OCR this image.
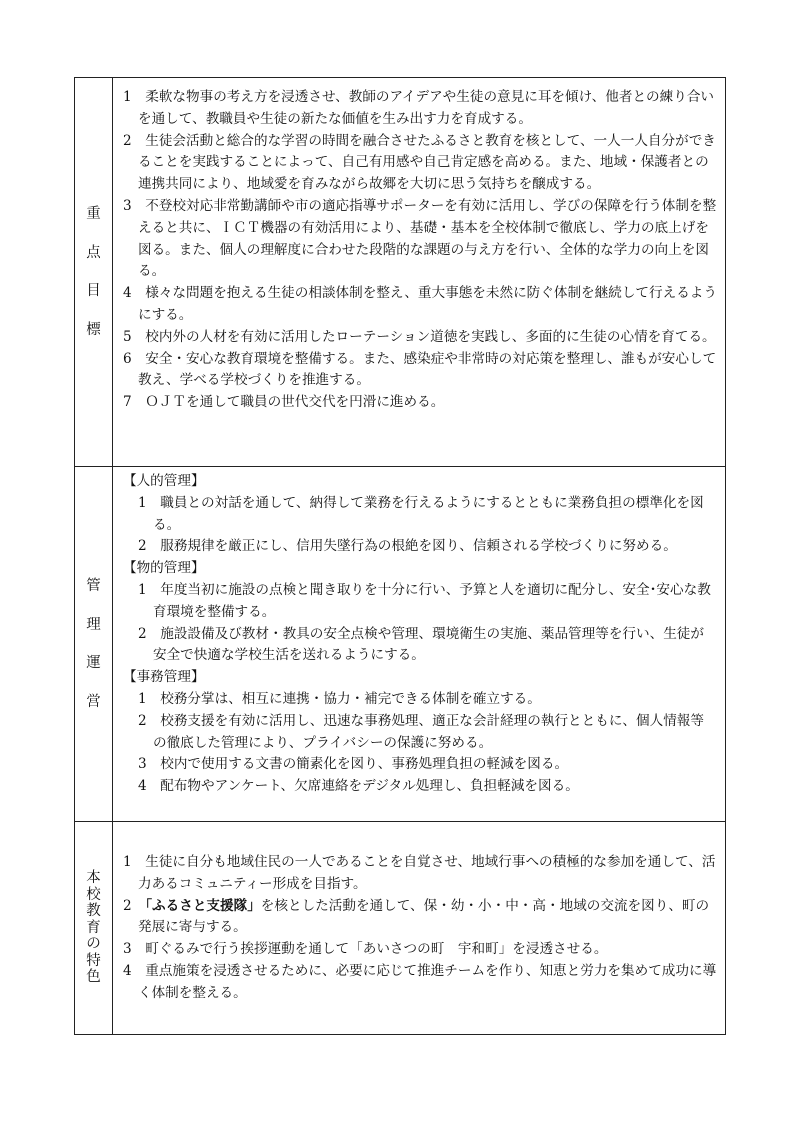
重
点
目
標
1　柔軟な物事の考え方を浸透させ、教師のアイデアや生徒の意見に耳を傾け、他者との練り合いを通して、教職員や生徒の新たな価値を生み出す力を育成する。
2　生徒会活動と総合的な学習の時間を融合させたふるさと教育を核として、一人一人自分ができることを実践することによって、自己有用感や自己肯定感を高める。また、地域・保護者との連携共同により、地域愛を育みながら故郷を大切に思う気持ちを醸成する。
3　不登校対応非常勤講師や市の適応指導サポーターを有効に活用し、学びの保障を行う体制を整えると共に、ＩＣＴ機器の有効活用により、基礎・基本を全校体制で徹底し、学力の底上げを図る。また、個人の理解度に合わせた段階的な課題の与え方を行い、全体的な学力の向上を図る。
4　様々な問題を抱える生徒の相談体制を整え、重大事態を未然に防ぐ体制を継続して行えるようにする。
5　校内外の人材を有効に活用したローテーション道徳を実践し、多面的に生徒の心情を育てる。
6　安全・安心な教育環境を整備する。また、感染症や非常時の対応策を整理し、誰もが安心して教え、学べる学校づくりを推進する。
7　ＯＪＴを通して職員の世代交代を円滑に進める。
管
理
運
営
【人的管理】
1　職員との対話を通して、納得して業務を行えるようにするとともに業務負担の標準化を図る。
2　服務規律を厳正にし、信用失墜行為の根絶を図り、信頼される学校づくりに努める。
【物的管理】
1　年度当初に施設の点検と聞き取りを十分に行い、予算と人を適切に配分し、安全･安心な教育環境を整備する。
2　施設設備及び教材・教具の安全点検や管理、環境衛生の実施、薬品管理等を行い、生徒が安全で快適な学校生活を送れるようにする。
【事務管理】
1　校務分掌は、相互に連携・協力・補完できる体制を確立する。
2　校務支援を有効に活用し、迅速な事務処理、適正な会計経理の執行とともに、個人情報等の徹底した管理により、プライバシーの保護に努める。
3　校内で使用する文書の簡素化を図り、事務処理負担の軽減を図る。
4　配布物やアンケート、欠席連絡をデジタル処理し、負担軽減を図る。
本
校
教
育
の
特
色
1　生徒に自分も地域住民の一人であることを自覚させ、地域行事への積極的な参加を通して、活力あるコミュニティー形成を目指す。
2　「ふるさと支援隊」を核とした活動を通して、保・幼・小・中・高・地域の交流を図り、町の発展に寄与する。
3　町ぐるみで行う挨拶運動を通して「あいさつの町　宇和町」を浸透させる。
4　重点施策を浸透させるために、必要に応じて推進チームを作り、知恵と労力を集めて成功に導く体制を整える。
